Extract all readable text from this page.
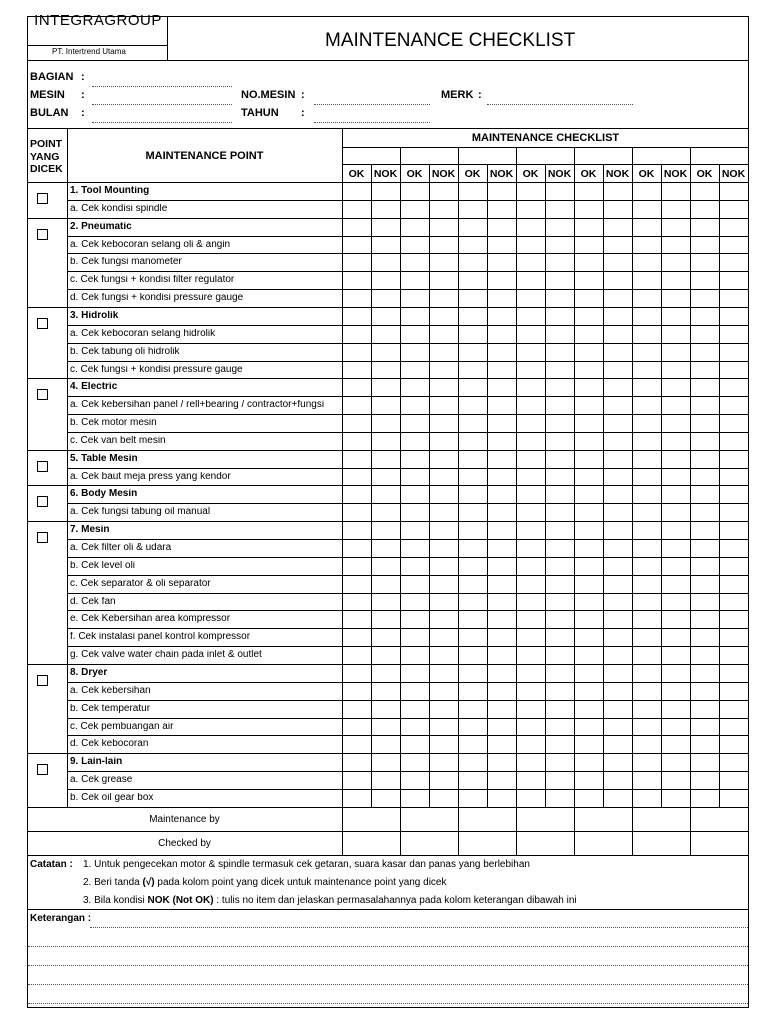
INTEGRAGROUP
PT. Intertrend Utama
MAINTENANCE CHECKLIST
BAGIAN :
MESIN :
BULAN :
NO.MESIN :
TAHUN :
MERK :
POINT
YANG
DICEK
MAINTENANCE POINT
MAINTENANCE CHECKLIST
OK NOK OK NOK OK NOK OK NOK OK NOK OK NOK OK NOK
1. Tool Mounting
a. Cek kondisi spindle
2. Pneumatic
a. Cek kebocoran selang oli & angin
b. Cek fungsi manometer
c. Cek fungsi + kondisi filter regulator
d. Cek fungsi + kondisi pressure gauge
3. Hidrolik
a. Cek kebocoran selang hidrolik
b. Cek tabung oli hidrolik
c. Cek fungsi + kondisi pressure gauge
4. Electric
a. Cek kebersihan panel / rell+bearing / contractor+fungsi
b. Cek motor mesin
c. Cek van belt mesin
5. Table Mesin
a. Cek baut meja press yang kendor
6. Body Mesin
a. Cek fungsi tabung oil manual
7. Mesin
a. Cek filter oli & udara
b. Cek level oli
c. Cek separator & oli separator
d. Cek fan
e. Cek Kebersihan area kompressor
f. Cek instalasi panel kontrol kompressor
g. Cek valve water chain pada inlet & outlet
8. Dryer
a. Cek kebersihan
b. Cek temperatur
c. Cek pembuangan air
d. Cek kebocoran
9. Lain-lain
a. Cek grease
b. Cek oil gear box
Maintenance by
Checked by
Catatan : 1. Untuk pengecekan motor & spindle termasuk cek getaran, suara kasar dan panas yang berlebihan
2. Beri tanda (√) pada kolom point yang dicek untuk maintenance point yang dicek
3. Bila kondisi NOK (Not OK) : tulis no item dan jelaskan permasalahannya pada kolom keterangan dibawah ini
Keterangan :
